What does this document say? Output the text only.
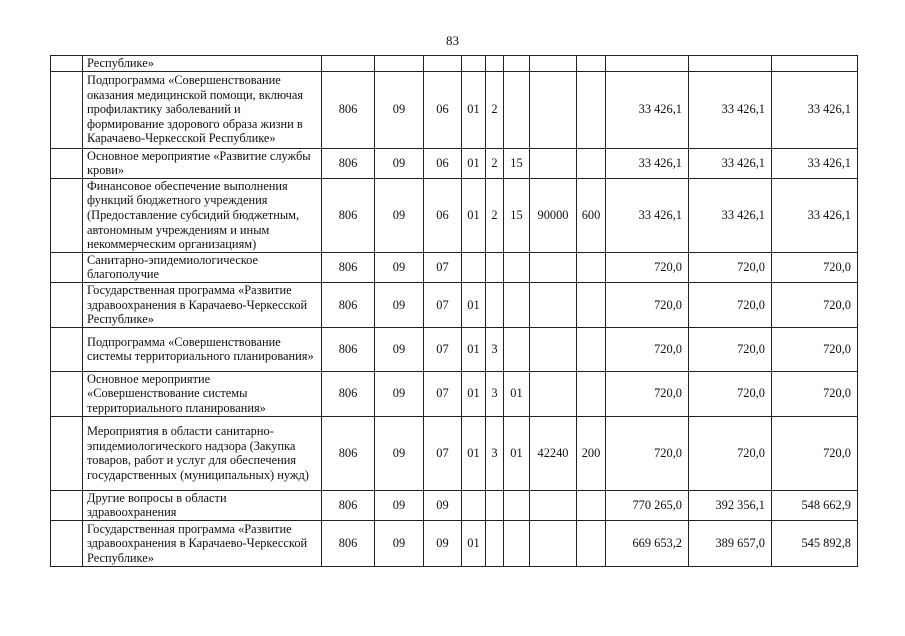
83
	Республике»											
	Подпрограмма «Совершенствование оказания медицинской помощи, включая профилактику заболеваний и формирование здорового образа жизни в Карачаево-Черкесской Республике»	806	09	06	01	2				33 426,1	33 426,1	33 426,1
	Основное мероприятие «Развитие службы крови»	806	09	06	01	2	15			33 426,1	33 426,1	33 426,1
	Финансовое обеспечение выполнения функций бюджетного учреждения (Предоставление субсидий бюджетным, автономным учреждениям и иным некоммерческим организациям)	806	09	06	01	2	15	90000	600	33 426,1	33 426,1	33 426,1
	Санитарно-эпидемиологическое благополучие	806	09	07						720,0	720,0	720,0
	Государственная программа «Развитие здравоохранения в Карачаево-Черкесской Республике»	806	09	07	01					720,0	720,0	720,0
	Подпрограмма «Совершенствование системы территориального планирования»	806	09	07	01	3				720,0	720,0	720,0
	Основное мероприятие «Совершенствование системы территориального планирования»	806	09	07	01	3	01			720,0	720,0	720,0
	Мероприятия в области санитарно-эпидемиологического надзора (Закупка товаров, работ и услуг для обеспечения государственных (муниципальных) нужд)	806	09	07	01	3	01	42240	200	720,0	720,0	720,0
	Другие вопросы в области здравоохранения	806	09	09						770 265,0	392 356,1	548 662,9
	Государственная программа «Развитие здравоохранения в Карачаево-Черкесской Республике»	806	09	09	01					669 653,2	389 657,0	545 892,8
